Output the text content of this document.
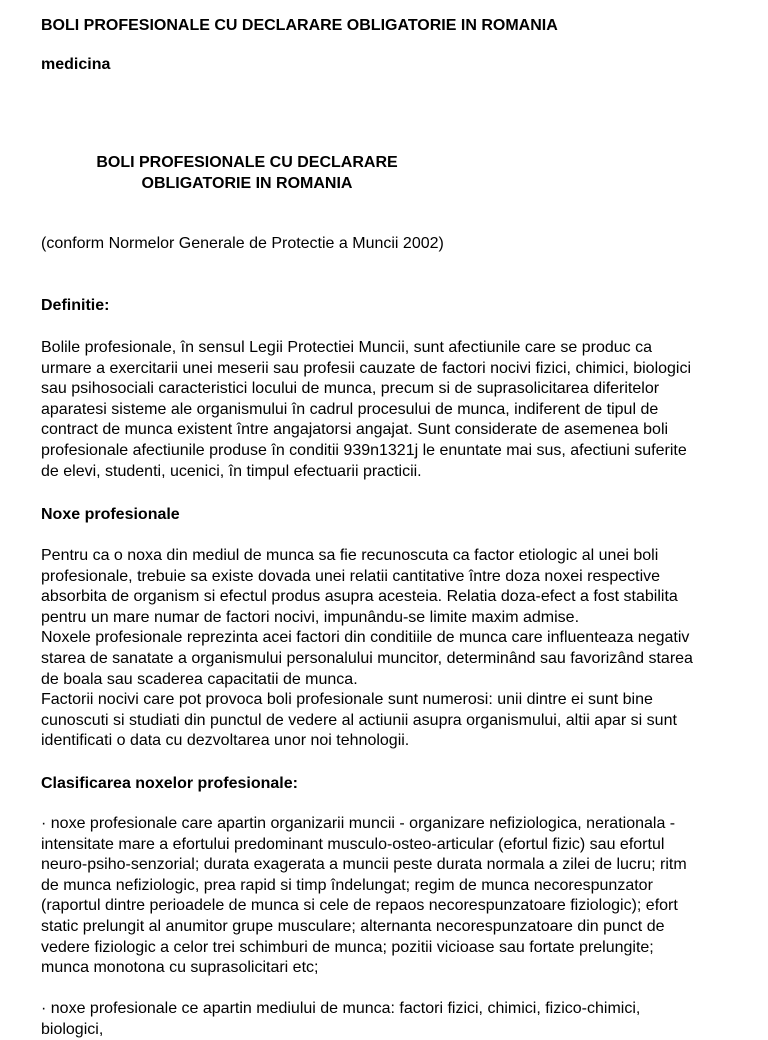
BOLI PROFESIONALE CU DECLARARE OBLIGATORIE IN ROMANIA
medicina
BOLI PROFESIONALE CU DECLARARE
OBLIGATORIE IN ROMANIA
(conform Normelor Generale de Protectie a Muncii 2002)
Definitie:
Bolile profesionale, în sensul Legii Protectiei Muncii, sunt afectiunile care se produc ca
urmare a exercitarii unei meserii sau profesii cauzate de factori nocivi fizici, chimici, biologici
sau psihosociali caracteristici locului de munca, precum si de suprasolicitarea diferitelor
aparatesi sisteme ale organismului în cadrul procesului de munca, indiferent de tipul de
contract de munca existent între angajatorsi angajat. Sunt considerate de asemenea boli
profesionale afectiunile produse în conditii 939n1321j le enuntate mai sus, afectiuni suferite
de elevi, studenti, ucenici, în timpul efectuarii practicii.
Noxe profesionale
Pentru ca o noxa din mediul de munca sa fie recunoscuta ca factor etiologic al unei boli
profesionale, trebuie sa existe dovada unei relatii cantitative între doza noxei respective
absorbita de organism si efectul produs asupra acesteia. Relatia doza-efect a fost stabilita
pentru un mare numar de factori nocivi, impunându-se limite maxim admise.
Noxele profesionale reprezinta acei factori din conditiile de munca care influenteaza negativ
starea de sanatate a organismului personalului muncitor, determinând sau favorizând starea
de boala sau scaderea capacitatii de munca.
Factorii nocivi care pot provoca boli profesionale sunt numerosi: unii dintre ei sunt bine
cunoscuti si studiati din punctul de vedere al actiunii asupra organismului, altii apar si sunt
identificati o data cu dezvoltarea unor noi tehnologii.
Clasificarea noxelor profesionale:
· noxe profesionale care apartin organizarii muncii - organizare nefiziologica, nerationala -
intensitate mare a efortului predominant musculo-osteo-articular (efortul fizic) sau efortul
neuro-psiho-senzorial; durata exagerata a muncii peste durata normala a zilei de lucru; ritm
de munca nefiziologic, prea rapid si timp îndelungat; regim de munca necorespunzator
(raportul dintre perioadele de munca si cele de repaos necorespunzatoare fiziologic); efort
static prelungit al anumitor grupe musculare; alternanta necorespunzatoare din punct de
vedere fiziologic a celor trei schimburi de munca; pozitii vicioase sau fortate prelungite;
munca monotona cu suprasolicitari etc;
· noxe profesionale ce apartin mediului de munca: factori fizici, chimici, fizico-chimici,
biologici,
